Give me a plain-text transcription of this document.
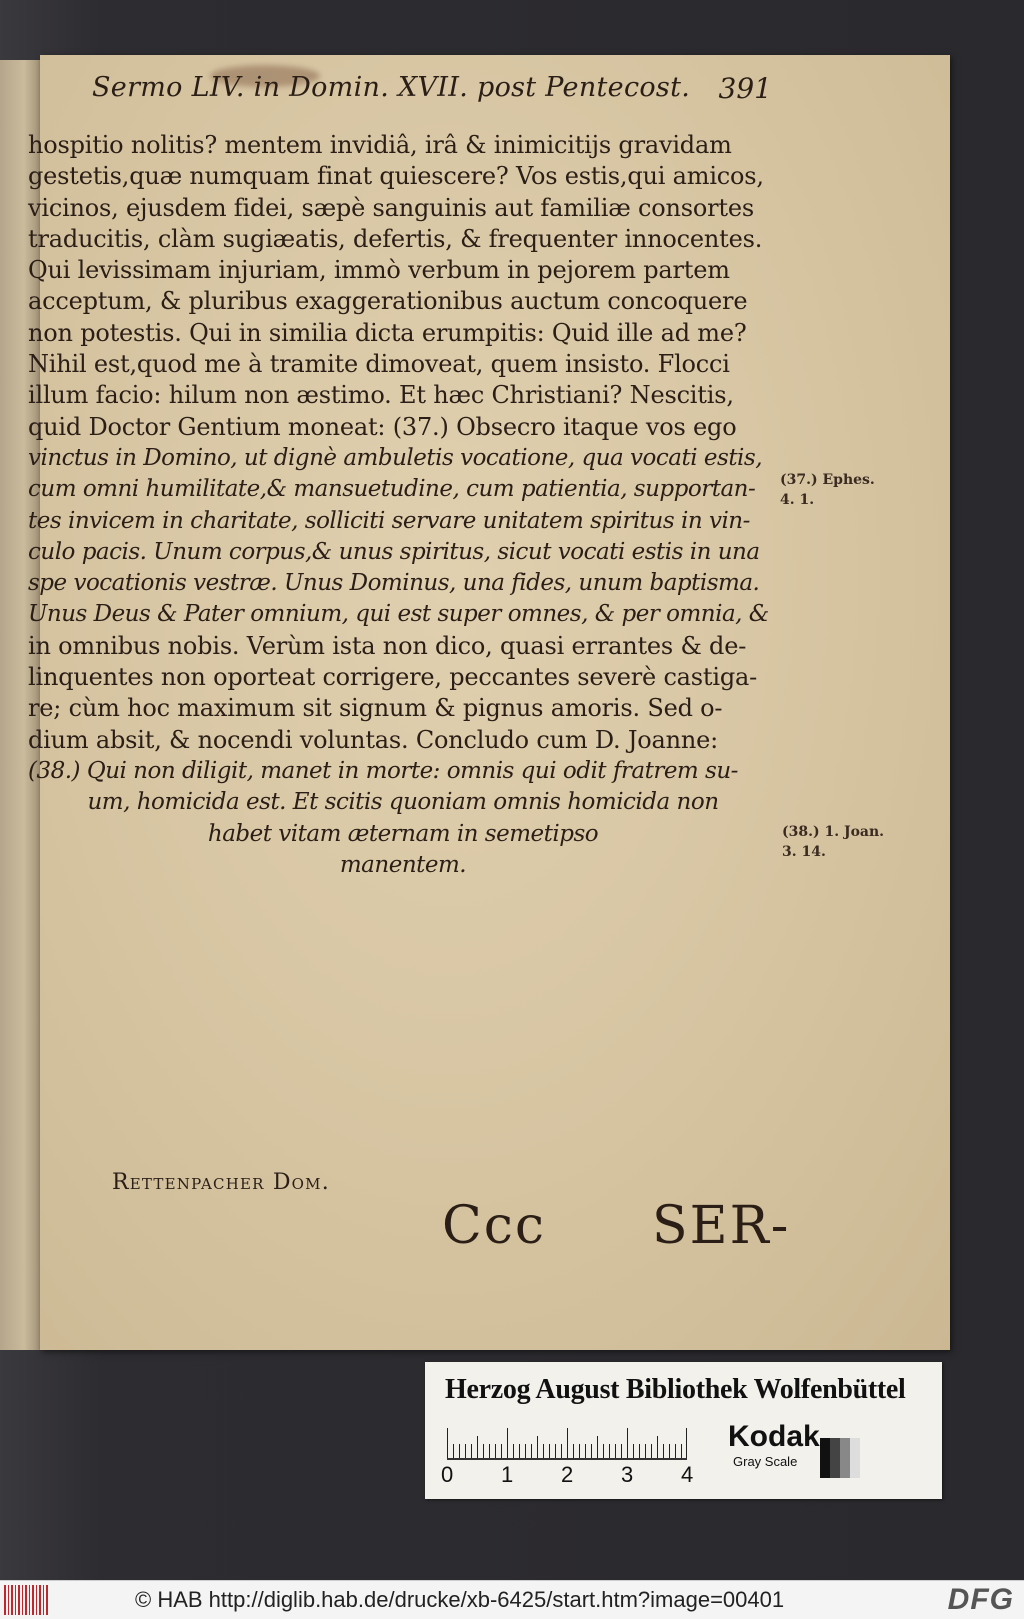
Sermo LIV. in Domin. XVII. post Pentecost. 391
hospitio nolitis? mentem invidiâ, irâ & inimicitijs gravidam
gestetis,quæ numquam finat quiescere? Vos estis,qui amicos,
vicinos, ejusdem fidei, sæpè sanguinis aut familiæ consortes
traducitis, clàm sugiæatis, defertis, & frequenter innocentes.
Qui levissimam injuriam, immò verbum in pejorem partem
acceptum, & pluribus exaggerationibus auctum concoquere
non potestis. Qui in similia dicta erumpitis: Quid ille ad me?
Nihil est,quod me à tramite dimoveat, quem insisto. Flocci
illum facio: hilum non æstimo. Et hæc Christiani? Nescitis,
quid Doctor Gentium moneat: (37.) Obsecro itaque vos ego
vinctus in Domino, ut dignè ambuletis vocatione, qua vocati estis,
cum omni humilitate,& mansuetudine, cum patientia, supportan-
tes invicem in charitate, solliciti servare unitatem spiritus in vin-
culo pacis. Unum corpus,& unus spiritus, sicut vocati estis in una
spe vocationis vestræ. Unus Dominus, una fides, unum baptisma.
Unus Deus & Pater omnium, qui est super omnes, & per omnia, &
in omnibus nobis. Verùm ista non dico, quasi errantes & de-
linquentes non oporteat corrigere, peccantes severè castiga-
re; cùm hoc maximum sit signum & pignus amoris. Sed o-
dium absit, & nocendi voluntas. Concludo cum D. Joanne:
(38.) Qui non diligit, manet in morte: omnis qui odit fratrem su-
um, homicida est. Et scitis quoniam omnis homicida non
habet vitam æternam in semetipso
manentem.
(37.) Ephes.
4. 1.
(38.) 1. Joan.
3. 14.
Rettenpacher Dom.
Ccc SER-
Herzog August Bibliothek Wolfenbüttel
0 1 2 3 4
Kodak
Gray Scale
© HAB http://diglib.hab.de/drucke/xb-6425/start.htm?image=00401	DFG
